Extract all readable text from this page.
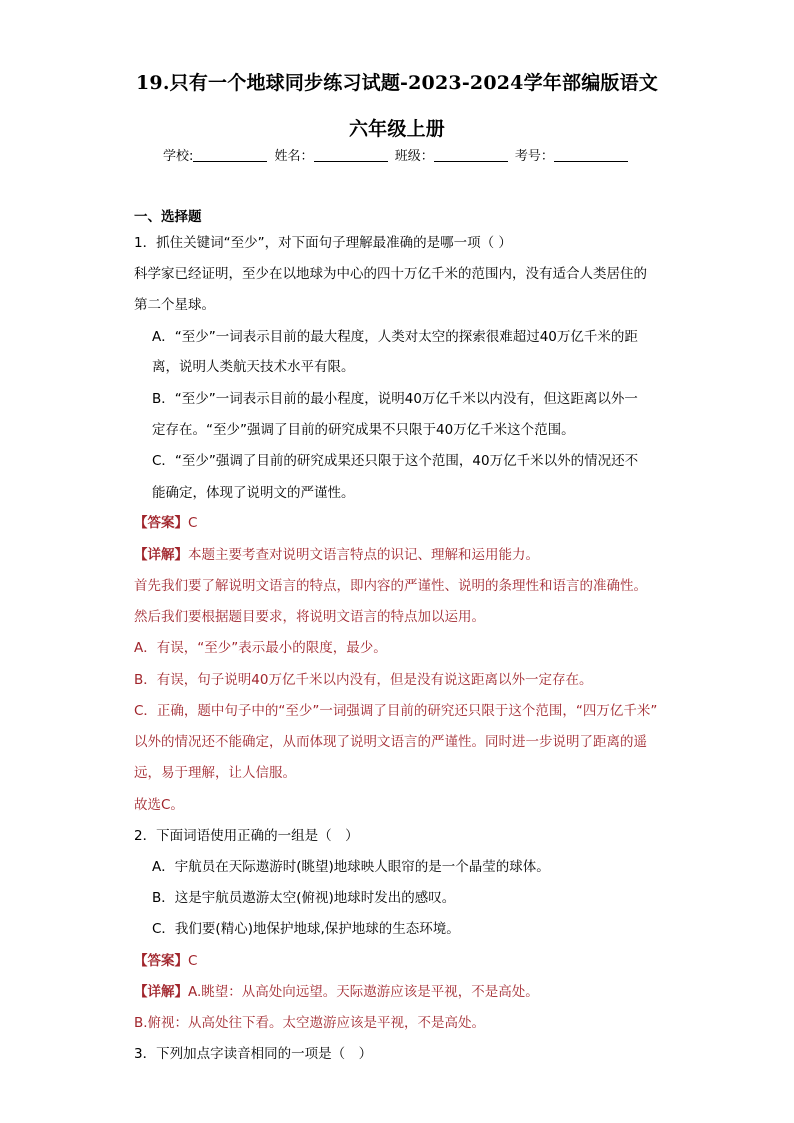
19.只有一个地球同步练习试题-2023-2024学年部编版语文
六年级上册
学校:	姓名：	班级：	考号：
一、选择题
1．抓住关键词“至少”，对下面句子理解最准确的是哪一项（ ）
科学家已经证明，至少在以地球为中心的四十万亿千米的范围内，没有适合人类居住的
第二个星球。
A．“至少”一词表示目前的最大程度，人类对太空的探索很难超过40万亿千米的距
离，说明人类航天技术水平有限。
B．“至少”一词表示目前的最小程度，说明40万亿千米以内没有，但这距离以外一
定存在。“至少”强调了目前的研究成果不只限于40万亿千米这个范围。
C．“至少”强调了目前的研究成果还只限于这个范围，40万亿千米以外的情况还不
能确定，体现了说明文的严谨性。
【答案】C
【详解】本题主要考查对说明文语言特点的识记、理解和运用能力。
首先我们要了解说明文语言的特点，即内容的严谨性、说明的条理性和语言的准确性。
然后我们要根据题目要求，将说明文语言的特点加以运用。
A．有误，“至少”表示最小的限度，最少。
B．有误，句子说明40万亿千米以内没有，但是没有说这距离以外一定存在。
C．正确，题中句子中的“至少”一词强调了目前的研究还只限于这个范围，“四万亿千米”
以外的情况还不能确定，从而体现了说明文语言的严谨性。同时进一步说明了距离的遥
远，易于理解，让人信服。
故选C。
2．下面词语使用正确的一组是（　）
A．宇航员在天际遨游时(眺望)地球映人眼帘的是一个晶莹的球体。
B．这是宇航员遨游太空(俯视)地球时发出的感叹。
C．我们要(精心)地保护地球,保护地球的生态环境。
【答案】C
【详解】A.眺望：从高处向远望。天际遨游应该是平视，不是高处。
B.俯视：从高处往下看。太空遨游应该是平视，不是高处。
3．下列加点字读音相同的一项是（　）
